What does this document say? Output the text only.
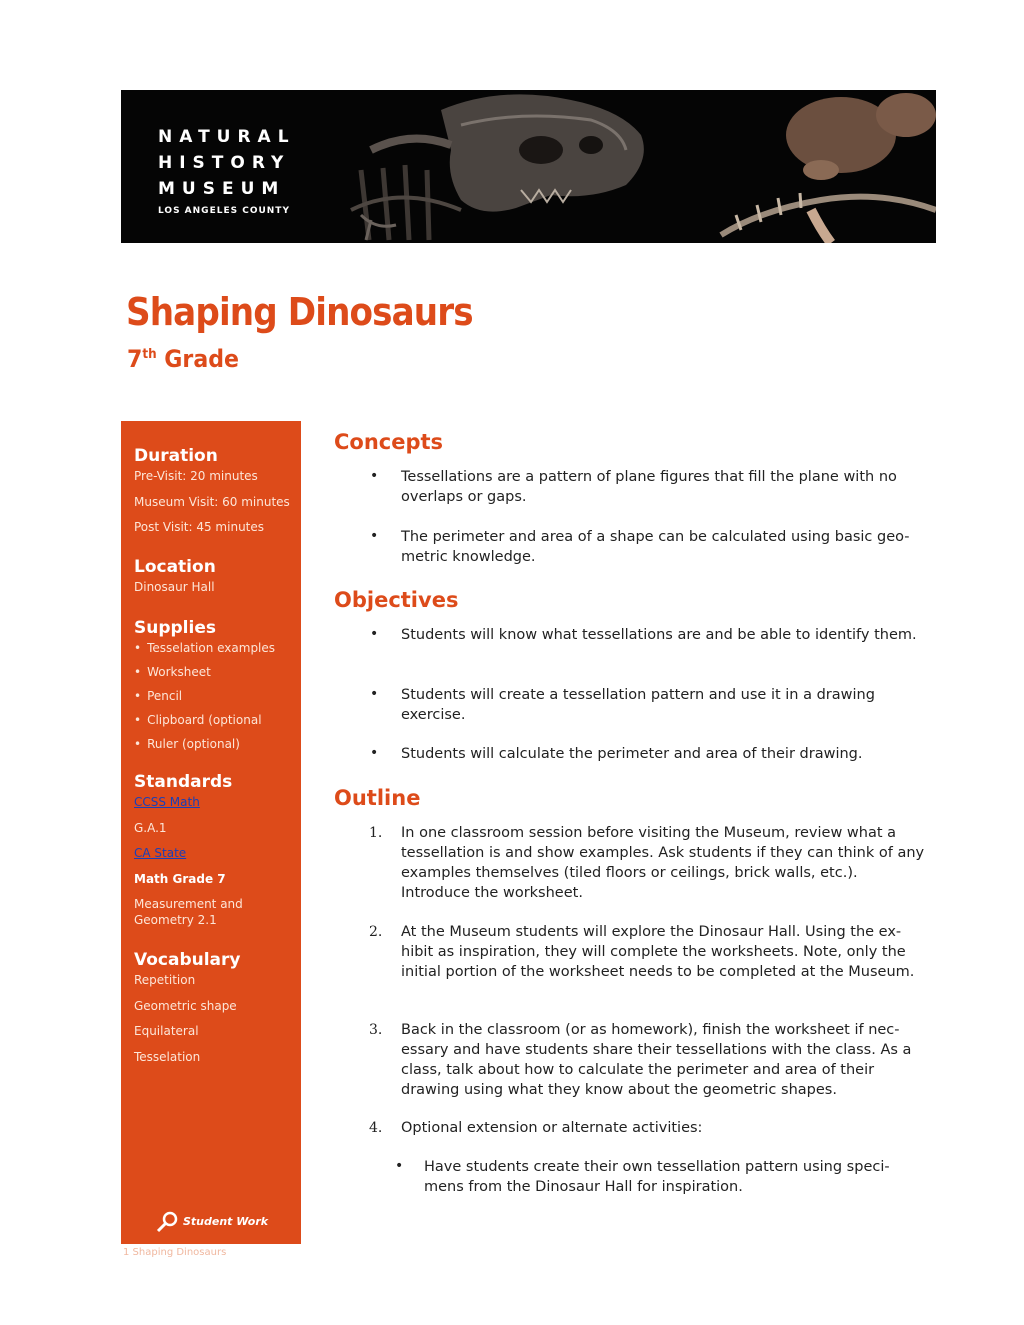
NATURAL
HISTORY
MUSEUM
LOS ANGELES COUNTY
Shaping Dinosaurs
7th Grade
Duration
Pre-Visit: 20 minutes
Museum Visit: 60 minutes
Post Visit: 45 minutes
Location
Dinosaur Hall
Supplies
• Tesselation examples
• Worksheet
• Pencil
• Clipboard (optional
• Ruler (optional)
Standards
CCSS Math
G.A.1
CA State
Math Grade 7
Measurement and Geometry 2.1
Vocabulary
Repetition
Geometric shape
Equilateral
Tesselation
Student Work
1 Shaping Dinosaurs
Concepts
• Tessellations are a pattern of plane figures that fill the plane with no overlaps or gaps.
• The perimeter and area of a shape can be calculated using basic geo- metric knowledge.
Objectives
• Students will know what tessellations are and be able to identify them.
• Students will create a tessellation pattern and use it in a drawing exercise.
• Students will calculate the perimeter and area of their drawing.
Outline
1. In one classroom session before visiting the Museum, review what a tessellation is and show examples. Ask students if they can think of any examples themselves (tiled floors or ceilings, brick walls, etc.). Introduce the worksheet.
2. At the Museum students will explore the Dinosaur Hall. Using the ex- hibit as inspiration, they will complete the worksheets. Note, only the initial portion of the worksheet needs to be completed at the Museum.
3. Back in the classroom (or as homework), finish the worksheet if nec- essary and have students share their tessellations with the class. As a class, talk about how to calculate the perimeter and area of their drawing using what they know about the geometric shapes.
4. Optional extension or alternate activities:
• Have students create their own tessellation pattern using speci- mens from the Dinosaur Hall for inspiration.
